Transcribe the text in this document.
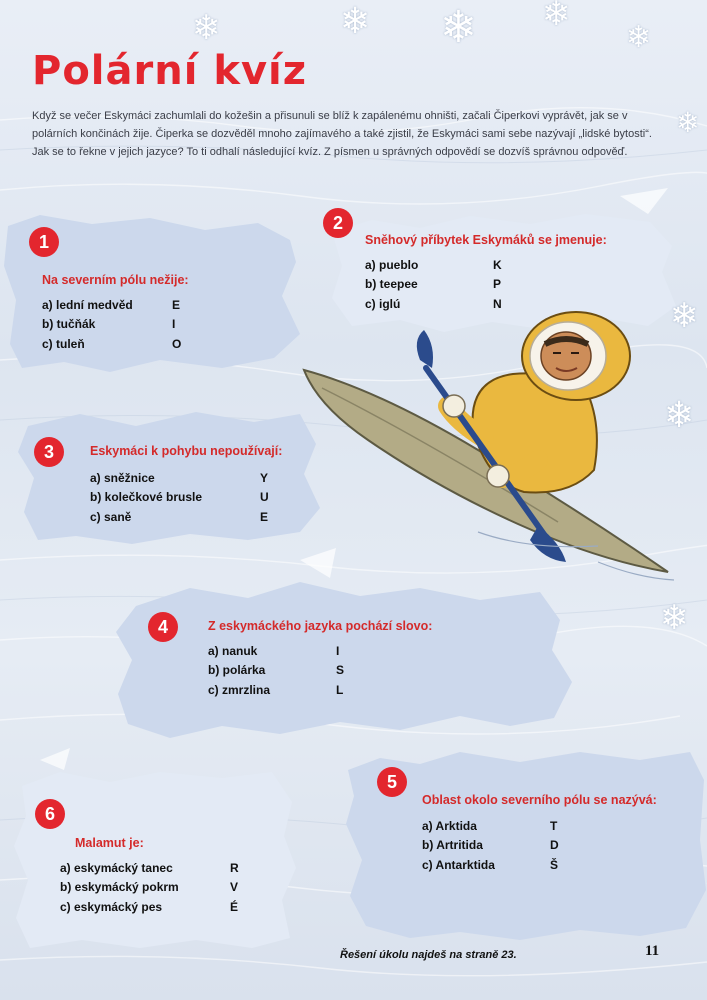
❄	❄ ❄ ❄
❄
❄
❄
❄
❄
Polární kvíz

Když se večer Eskymáci zachumlali do kožešin a přisunuli se blíž k zapálenému ohništi, začali Čiperkovi vyprávět, jak se v polárních končinách žije. Čiperka se dozvěděl mnoho zajímavého a také zjistil, že Eskymáci sami sebe nazývají „lidské bytosti“. Jak se to řekne v jejich jazyce? To ti odhalí následující kvíz. Z písmen u správných odpovědí se dozvíš správnou odpověď.

1

Na severním pólu nežije:

a) lední medvěd	E
b) tučňák	I
c) tuleň	O
2

Sněhový příbytek Eskymáků se jmenuje:

a) pueblo	K
b) teepee	P
c) iglú	N
3	Eskymáci k pohybu nepoužívají:

a) sněžnice	Y
b) kolečkové brusle	U
c) saně	E
4	Z eskymáckého jazyka pochází slovo:

a) nanuk	I
b) polárka	S
c) zmrzlina	L
5

Oblast okolo severního pólu se nazývá:

a) Arktida	T
b) Artritida	D
c) Antarktida	Š
6

Malamut je:

a) eskymácký tanec	R
b) eskymácký pokrm	V
c) eskymácký pes	É

Řešení úkolu najdeš na straně 23.	11
